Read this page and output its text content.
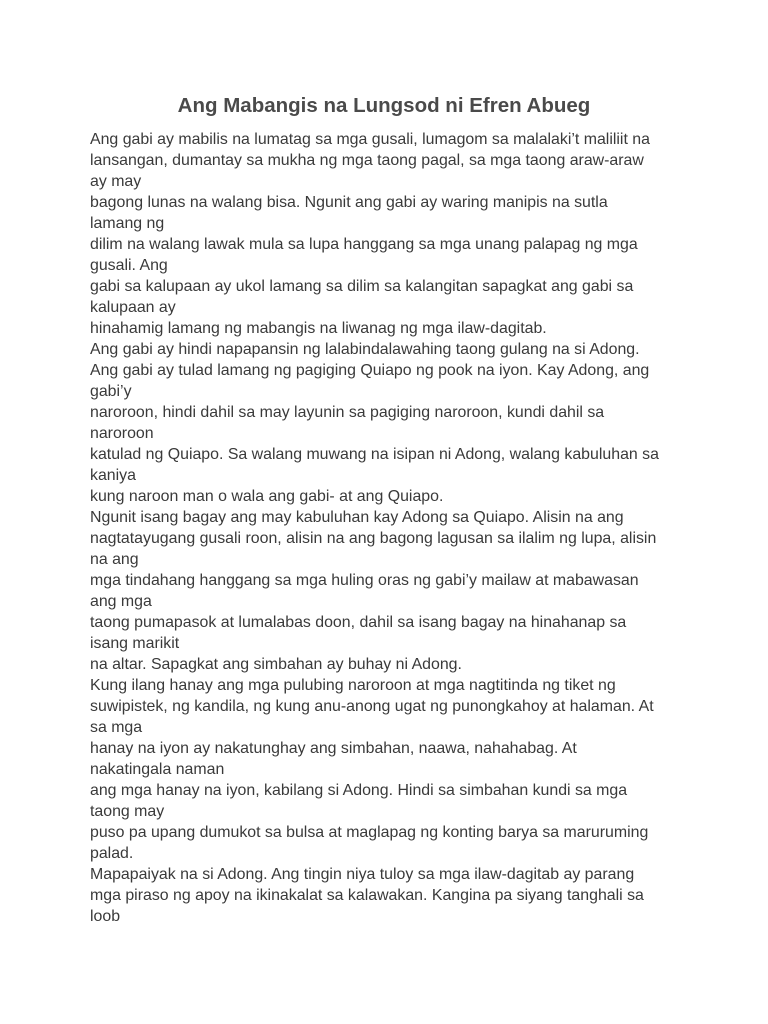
Ang Mabangis na Lungsod ni Efren Abueg
Ang gabi ay mabilis na lumatag sa mga gusali, lumagom sa malalaki’t maliliit na
lansangan, dumantay sa mukha ng mga taong pagal, sa mga taong araw-araw
ay may
bagong lunas na walang bisa. Ngunit ang gabi ay waring manipis na sutla
lamang ng
dilim na walang lawak mula sa lupa hanggang sa mga unang palapag ng mga
gusali. Ang
gabi sa kalupaan ay ukol lamang sa dilim sa kalangitan sapagkat ang gabi sa
kalupaan ay
hinahamig lamang ng mabangis na liwanag ng mga ilaw-dagitab.
Ang gabi ay hindi napapansin ng lalabindalawahing taong gulang na si Adong.
Ang gabi ay tulad lamang ng pagiging Quiapo ng pook na iyon. Kay Adong, ang
gabi’y
naroroon, hindi dahil sa may layunin sa pagiging naroroon, kundi dahil sa
naroroon
katulad ng Quiapo. Sa walang muwang na isipan ni Adong, walang kabuluhan sa
kaniya
kung naroon man o wala ang gabi- at ang Quiapo.
Ngunit isang bagay ang may kabuluhan kay Adong sa Quiapo. Alisin na ang
nagtatayugang gusali roon, alisin na ang bagong lagusan sa ilalim ng lupa, alisin
na ang
mga tindahang hanggang sa mga huling oras ng gabi’y mailaw at mabawasan
ang mga
taong pumapasok at lumalabas doon, dahil sa isang bagay na hinahanap sa
isang marikit
na altar. Sapagkat ang simbahan ay buhay ni Adong.
Kung ilang hanay ang mga pulubing naroroon at mga nagtitinda ng tiket ng
suwipistek, ng kandila, ng kung anu-anong ugat ng punongkahoy at halaman. At
sa mga
hanay na iyon ay nakatunghay ang simbahan, naawa, nahahabag. At
nakatingala naman
ang mga hanay na iyon, kabilang si Adong. Hindi sa simbahan kundi sa mga
taong may
puso pa upang dumukot sa bulsa at maglapag ng konting barya sa maruruming
palad.
Mapapaiyak na si Adong. Ang tingin niya tuloy sa mga ilaw-dagitab ay parang
mga piraso ng apoy na ikinakalat sa kalawakan. Kangina pa siyang tanghali sa
loob
